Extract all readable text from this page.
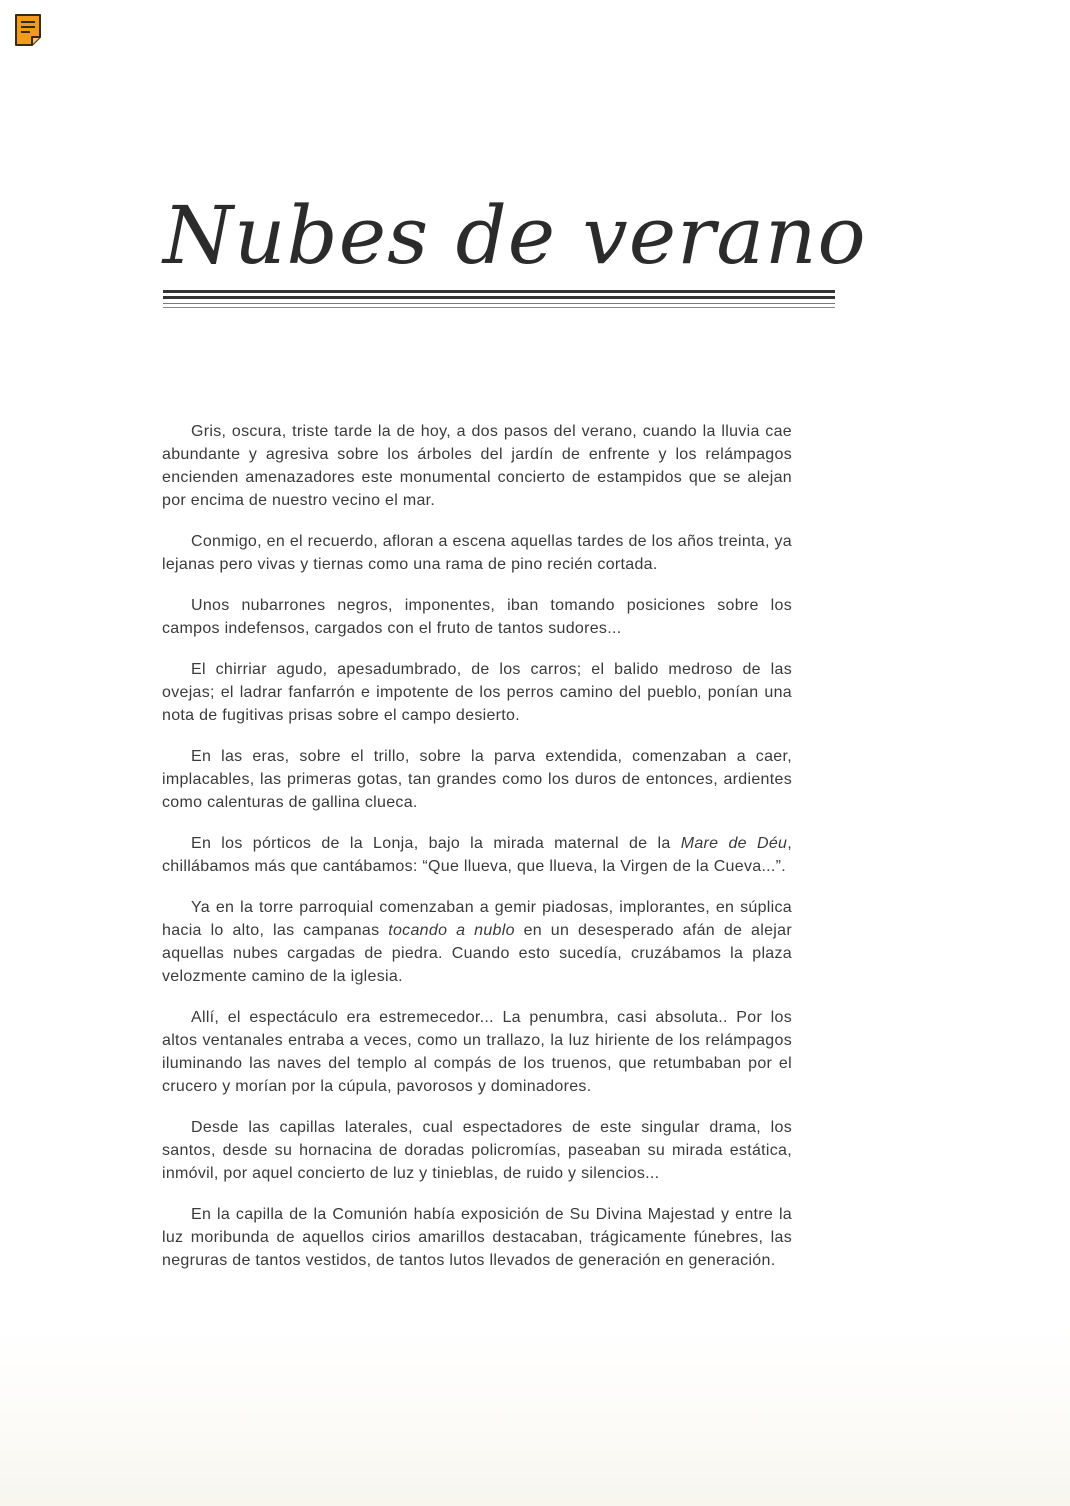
Nubes de verano

Gris, oscura, triste tarde la de hoy, a dos pasos del verano, cuando la lluvia cae abundante y agresiva sobre los árboles del jardín de enfrente y los relámpagos encienden amenazadores este monumental concierto de estampidos que se alejan por encima de nuestro vecino el mar.

Conmigo, en el recuerdo, afloran a escena aquellas tardes de los años treinta, ya lejanas pero vivas y tiernas como una rama de pino recién cortada.

Unos nubarrones negros, imponentes, iban tomando posiciones sobre los campos indefensos, cargados con el fruto de tantos sudores...

El chirriar agudo, apesadumbrado, de los carros; el balido medroso de las ovejas; el ladrar fanfarrón e impotente de los perros camino del pueblo, ponían una nota de fugitivas prisas sobre el campo desierto.

En las eras, sobre el trillo, sobre la parva extendida, comenzaban a caer, implacables, las primeras gotas, tan grandes como los duros de entonces, ardientes como calenturas de gallina clueca.

En los pórticos de la Lonja, bajo la mirada maternal de la Mare de Déu, chillábamos más que cantábamos: “Que llueva, que llueva, la Virgen de la Cueva...”.

Ya en la torre parroquial comenzaban a gemir piadosas, implorantes, en súplica hacia lo alto, las campanas tocando a nublo en un desesperado afán de alejar aquellas nubes cargadas de piedra. Cuando esto sucedía, cruzábamos la plaza velozmente camino de la iglesia.

Allí, el espectáculo era estremecedor... La penumbra, casi absoluta.. Por los altos ventanales entraba a veces, como un trallazo, la luz hiriente de los relámpagos iluminando las naves del templo al compás de los truenos, que retumbaban por el crucero y morían por la cúpula, pavorosos y dominadores.

Desde las capillas laterales, cual espectadores de este singular drama, los santos, desde su hornacina de doradas policromías, paseaban su mirada estática, inmóvil, por aquel concierto de luz y tinieblas, de ruido y silencios...

En la capilla de la Comunión había exposición de Su Divina Majestad y entre la luz moribunda de aquellos cirios amarillos destacaban, trágicamente fúnebres, las negruras de tantos vestidos, de tantos lutos llevados de generación en generación.
